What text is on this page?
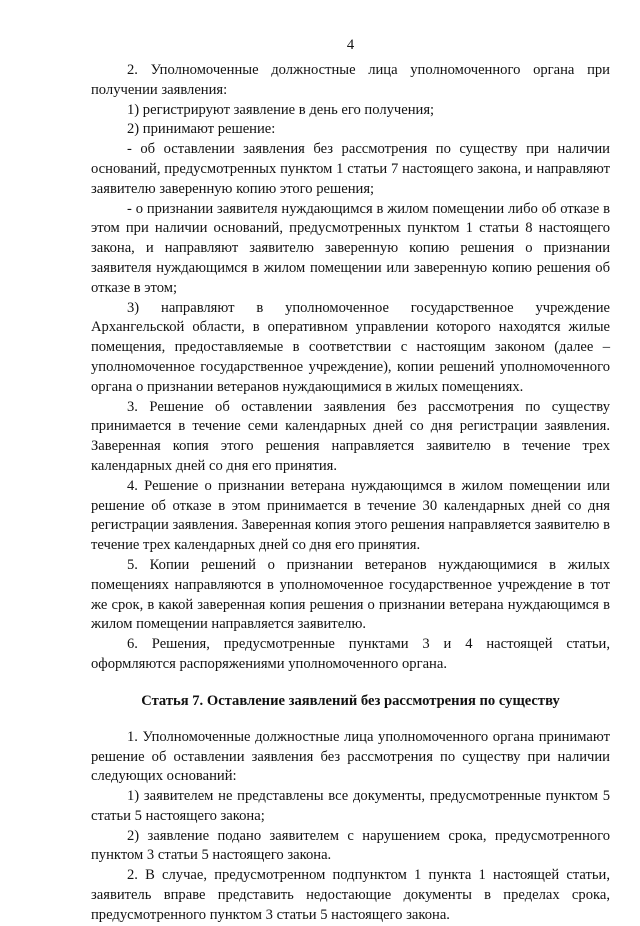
4

2. Уполномоченные должностные лица уполномоченного органа при получении заявления:

1) регистрируют заявление в день его получения;

2) принимают решение:

- об оставлении заявления без рассмотрения по существу при наличии оснований, предусмотренных пунктом 1 статьи 7 настоящего закона, и направляют заявителю заверенную копию этого решения;

- о признании заявителя нуждающимся в жилом помещении либо об отказе в этом при наличии оснований, предусмотренных пунктом 1 статьи 8 настоящего закона, и направляют заявителю заверенную копию решения о признании заявителя нуждающимся в жилом помещении или заверенную копию решения об отказе в этом;

3) направляют в уполномоченное государственное учреждение Архангельской области, в оперативном управлении которого находятся жилые помещения, предоставляемые в соответствии с настоящим законом (далее – уполномоченное государственное учреждение), копии решений уполномоченного органа о признании ветеранов нуждающимися в жилых помещениях.

3. Решение об оставлении заявления без рассмотрения по существу принимается в течение семи календарных дней со дня регистрации заявления. Заверенная копия этого решения направляется заявителю в течение трех календарных дней со дня его принятия.

4. Решение о признании ветерана нуждающимся в жилом помещении или решение об отказе в этом принимается в течение 30 календарных дней со дня регистрации заявления. Заверенная копия этого решения направляется заявителю в течение трех календарных дней со дня его принятия.

5. Копии решений о признании ветеранов нуждающимися в жилых помещениях направляются в уполномоченное государственное учреждение в тот же срок, в какой заверенная копия решения о признании ветерана нуждающимся в жилом помещении направляется заявителю.

6. Решения, предусмотренные пунктами 3 и 4 настоящей статьи, оформляются распоряжениями уполномоченного органа.

Статья 7. Оставление заявлений без рассмотрения по существу

1. Уполномоченные должностные лица уполномоченного органа принимают решение об оставлении заявления без рассмотрения по существу при наличии следующих оснований:

1) заявителем не представлены все документы, предусмотренные пунктом 5 статьи 5 настоящего закона;

2) заявление подано заявителем с нарушением срока, предусмотренного пунктом 3 статьи 5 настоящего закона.

2. В случае, предусмотренном подпунктом 1 пункта 1 настоящей статьи, заявитель вправе представить недостающие документы в пределах срока, предусмотренного пунктом 3 статьи 5 настоящего закона.
